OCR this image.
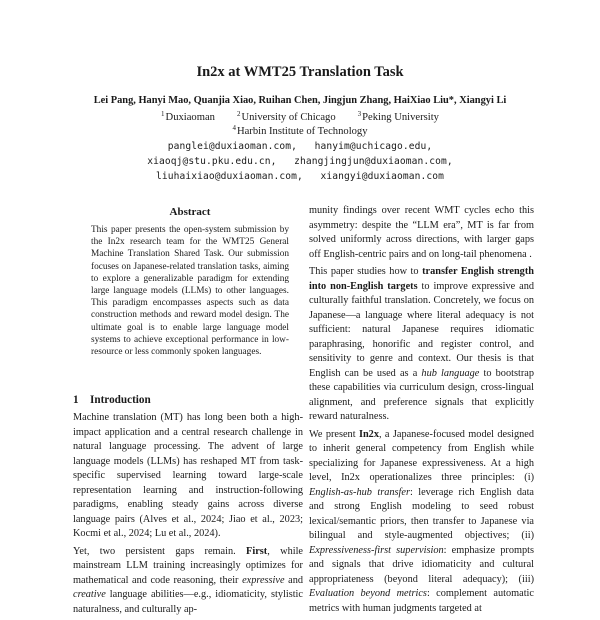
In2x at WMT25 Translation Task
Lei Pang, Hanyi Mao, Quanjia Xiao, Ruihan Chen, Jingjun Zhang, HaiXiao Liu*, Xiangyi Li
$^1$Duxiaoman	$^2$University of Chicago	$^3$Peking University
$^4$Harbin Institute of Technology
panglei@duxiaoman.com,   hanyim@uchicago.edu,
xiaoqj@stu.pku.edu.cn,   zhangjingjun@duxiaoman.com,
liuhaixiao@duxiaoman.com,   xiangyi@duxiaoman.com
Abstract
This paper presents the open-system submission by the In2x research team for the WMT25 General Machine Translation Shared Task. Our submission focuses on Japanese-related translation tasks, aiming to explore a generalizable paradigm for extending large language models (LLMs) to other languages. This paradigm encompasses aspects such as data construction methods and reward model design. The ultimate goal is to enable large language model systems to achieve exceptional performance in low-resource or less commonly spoken languages.
1 Introduction

Machine translation (MT) has long been both a high-impact application and a central research challenge in natural language processing. The advent of large language models (LLMs) has reshaped MT from task-specific supervised learning toward large-scale representation learning and instruction-following paradigms, enabling steady gains across diverse language pairs (Alves et al., 2024; Jiao et al., 2023; Kocmi et al., 2024; Lu et al., 2024).

Yet, two persistent gaps remain. First, while mainstream LLM training increasingly optimizes for mathematical and code reasoning, their expressive and creative language abilities—e.g., idiomaticity, stylistic naturalness, and culturally ap-

munity findings over recent WMT cycles echo this asymmetry: despite the “LLM era”, MT is far from solved uniformly across directions, with larger gaps off English-centric pairs and on long-tail phenomena .

This paper studies how to transfer English strength into non-English targets to improve expressive and culturally faithful translation. Concretely, we focus on Japanese—a language where literal adequacy is not sufficient: natural Japanese requires idiomatic paraphrasing, honorific and register control, and sensitivity to genre and context. Our thesis is that English can be used as a hub language to bootstrap these capabilities via curriculum design, cross-lingual alignment, and preference signals that explicitly reward naturalness.

We present In2x, a Japanese-focused model designed to inherit general competency from English while specializing for Japanese expressiveness. At a high level, In2x operationalizes three principles: (i) English-as-hub transfer: leverage rich English data and strong English modeling to seed robust lexical/semantic priors, then transfer to Japanese via bilingual and style-augmented objectives; (ii) Expressiveness-first supervision: emphasize prompts and signals that drive idiomaticity and cultural appropriateness (beyond literal adequacy); (iii) Evaluation beyond metrics: complement automatic metrics with human judgments targeted at
